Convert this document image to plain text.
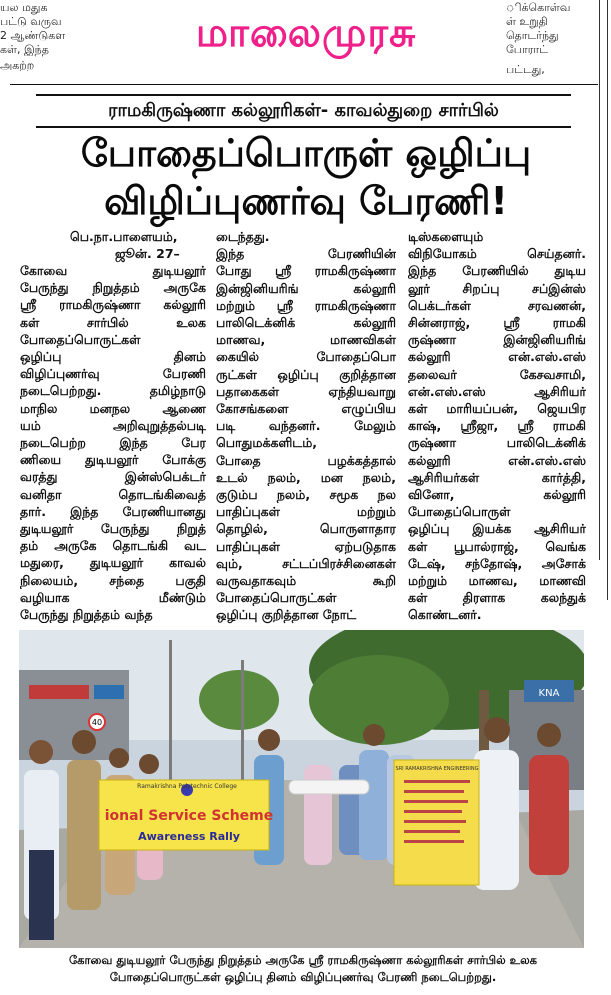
யல மதுக
பட்டு வருவ
2 ஆண்டுகள
கள், இந்த
அகற்ற
ிக்கொள்வ
ள் உறுதி
தொடர்ந்து
போராட்
பட்டது,
மாலைமுரசு
ராமகிருஷ்ணா கல்லூரிகள்- காவல்துறை சார்பில்
போதைப்பொருள் ஒழிப்பு
விழிப்புணர்வு பேரணி!
பெ.நா.பாளையம்,
ஜூன். 27–
கோவை துடியலூர்
பேருந்து நிறுத்தம் அருகே
ஸ்ரீ ராமகிருஷ்ணா கல்லூரி
கள் சார்பில் உலக
போதைப்பொருட்கள்
ஒழிப்பு தினம்
விழிப்புணர்வு பேரணி
நடைபெற்றது. தமிழ்நாடு
மாநில மனநல ஆணை
யம் அறிவுறுத்தல்படி
நடைபெற்ற இந்த பேர
ணியை துடியலூர் போக்கு
வரத்து இன்ஸ்பெக்டர்
வனிதா தொடங்கிவைத்
தார். இந்த பேரணியானது
துடியலூர் பேருந்து நிறுத்
தம் அருகே தொடங்கி வட
மதுரை, துடியலூர் காவல்
நிலையம், சந்தை பகுதி
வழியாக மீண்டும்
பேருந்து நிறுத்தம் வந்த
டைந்தது.
இந்த பேரணியின்
போது ஸ்ரீ ராமகிருஷ்ணா
இன்ஜினியரிங் கல்லூரி
மற்றும் ஸ்ரீ ராமகிருஷ்ணா
பாலிடெக்னிக் கல்லூரி
மாணவ, மாணவிகள்
கையில் போதைப்பொ
ருட்கள் ஒழிப்பு குறித்தான
பதாகைகள் ஏந்தியவாறு
கோசங்களை எழுப்பிய
படி வந்தனர். மேலும்
பொதுமக்களிடம்,
போதை பழக்கத்தால்
உடல் நலம், மன நலம்,
குடும்ப நலம், சமூக நல
பாதிப்புகள் மற்றும்
தொழில், பொருளாதார
பாதிப்புகள் ஏற்படுதாக
வும், சட்டப்பிரச்சினைகள்
வருவதாகவும் கூறி
போதைப்பொருட்கள்
ஒழிப்பு குறித்தான நோட்
டிஸ்களையும்
விநியோகம் செய்தனர்.
இந்த பேரணியில் துடிய
லூர் சிறப்பு சப்இன்ஸ்
பெக்டர்கள் சரவணன்,
சின்னராஜ், ஸ்ரீ ராமகி
ருஷ்ணா இன்ஜினியரிங்
கல்லூரி என்.எஸ்.எஸ்
தலைவர் கேசவசாமி,
என்.எஸ்.எஸ் ஆசிரியர்
கள் மாரியப்பன், ஜெயபிர
காஷ், ஸ்ரீஜா, ஸ்ரீ ராமகி
ருஷ்ணா பாலிடெக்னிக்
கல்லூரி என்.எஸ்.எஸ்
ஆசிரியர்கள் கார்த்தி,
வினோ, கல்லூரி
போதைப்பொருள்
ஒழிப்பு இயக்க ஆசிரியர்
கள் பூபால்ராஜ், வெங்க
டேஷ், சந்தோஷ், அசோக்
மற்றும் மாணவ, மாணவி
கள் திரளாக கலந்துக்
கொண்டனர்.
KNA
40
Ramakrishna Polytechnic College
ional Service Scheme
Awareness Rally
SRI RAMAKRISHNA ENGINEERING
கோவை துடியலூர் பேருந்து நிறுத்தம் அருகே ஸ்ரீ ராமகிருஷ்ணா கல்லூரிகள் சார்பில் உலக
போதைப்பொருட்கள் ஒழிப்பு தினம் விழிப்புணர்வு பேரணி நடைபெற்றது.
